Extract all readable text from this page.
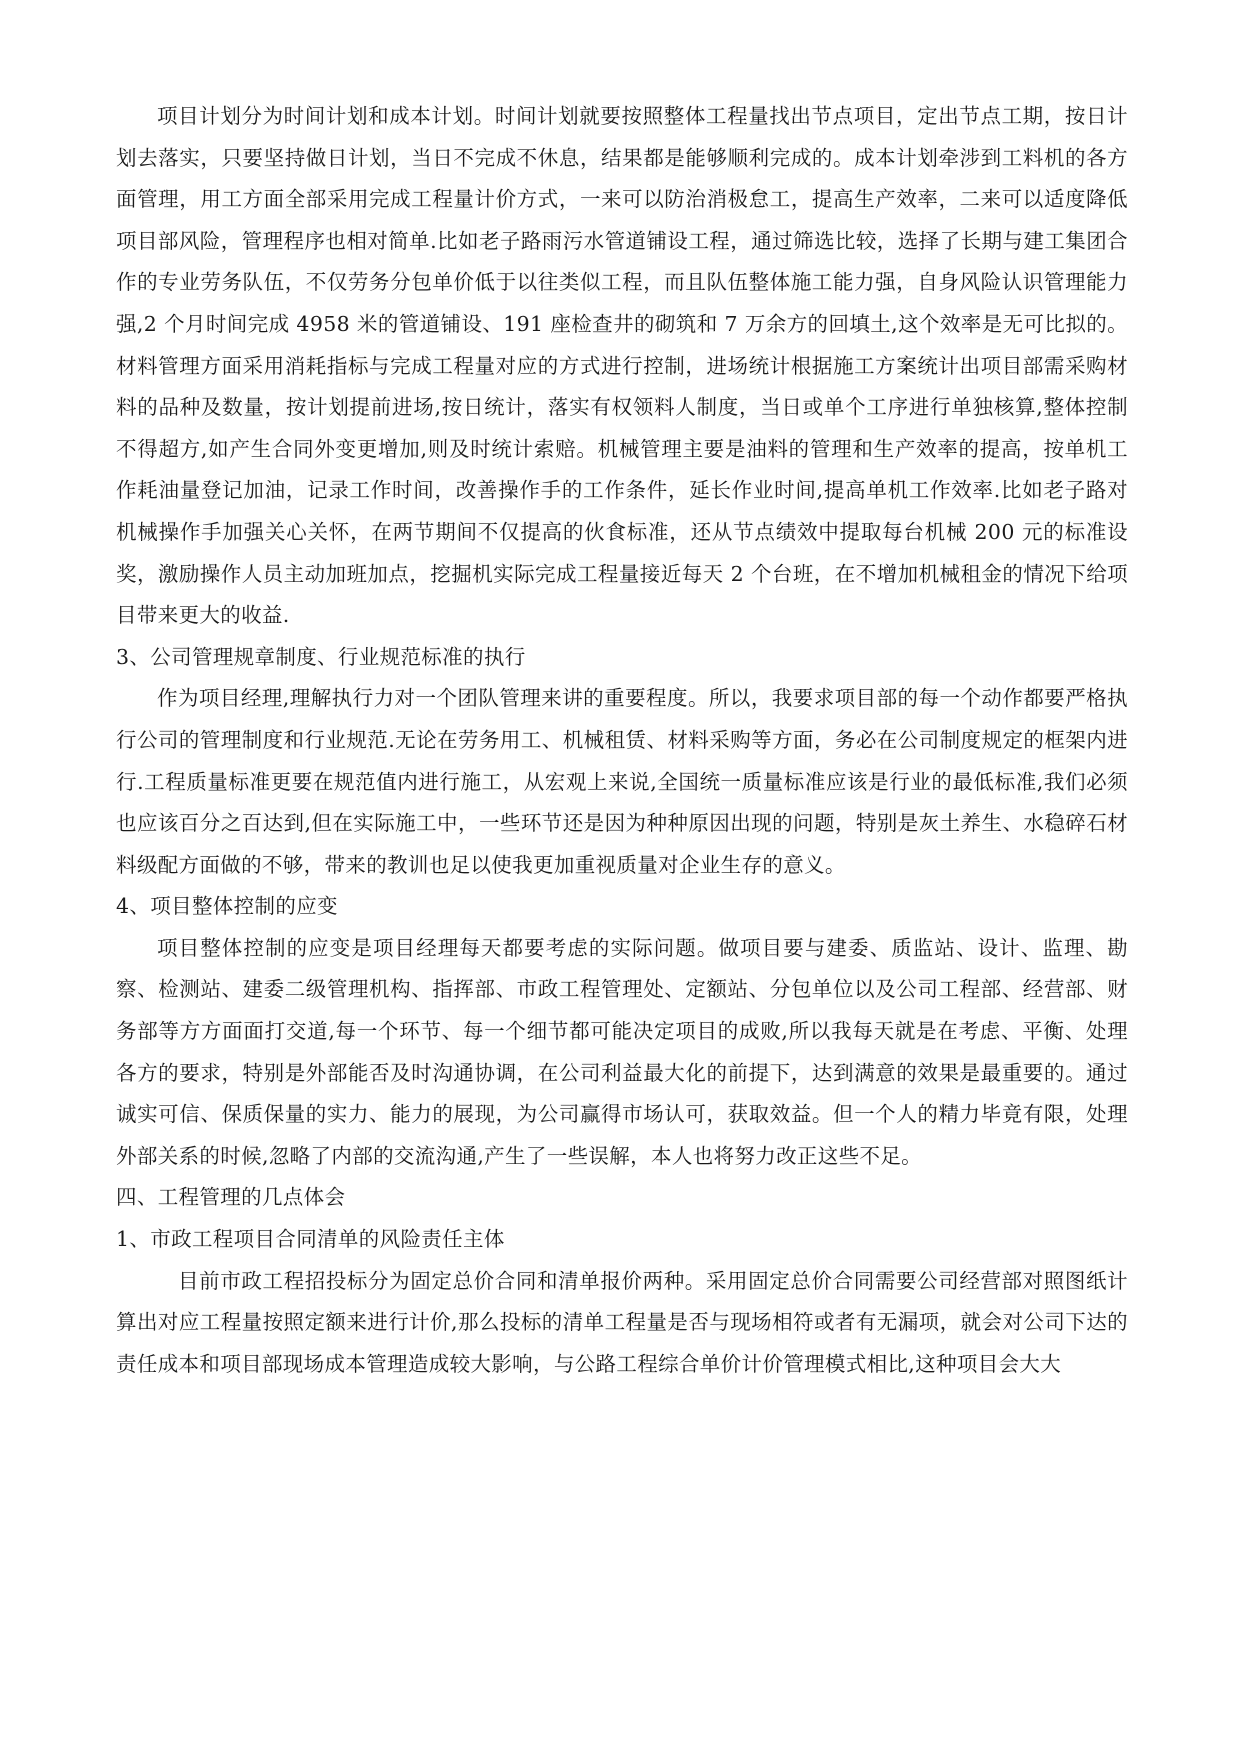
项目计划分为时间计划和成本计划。时间计划就要按照整体工程量找出节点项目，定出节点工期，按日计划去落实，只要坚持做日计划，当日不完成不休息，结果都是能够顺利完成的。成本计划牵涉到工料机的各方面管理，用工方面全部采用完成工程量计价方式，一来可以防治消极怠工，提高生产效率，二来可以适度降低项目部风险，管理程序也相对简单.比如老子路雨污水管道铺设工程，通过筛选比较，选择了长期与建工集团合作的专业劳务队伍，不仅劳务分包单价低于以往类似工程，而且队伍整体施工能力强，自身风险认识管理能力强,2 个月时间完成 4958 米的管道铺设、191 座检查井的砌筑和 7 万余方的回填土,这个效率是无可比拟的。材料管理方面采用消耗指标与完成工程量对应的方式进行控制，进场统计根据施工方案统计出项目部需采购材料的品种及数量，按计划提前进场,按日统计，落实有权领料人制度，当日或单个工序进行单独核算,整体控制不得超方,如产生合同外变更增加,则及时统计索赔。机械管理主要是油料的管理和生产效率的提高，按单机工作耗油量登记加油，记录工作时间，改善操作手的工作条件，延长作业时间,提高单机工作效率.比如老子路对机械操作手加强关心关怀，在两节期间不仅提高的伙食标准，还从节点绩效中提取每台机械 200 元的标准设奖，激励操作人员主动加班加点，挖掘机实际完成工程量接近每天 2 个台班，在不增加机械租金的情况下给项目带来更大的收益.

3、公司管理规章制度、行业规范标准的执行

作为项目经理,理解执行力对一个团队管理来讲的重要程度。所以，我要求项目部的每一个动作都要严格执行公司的管理制度和行业规范.无论在劳务用工、机械租赁、材料采购等方面，务必在公司制度规定的框架内进行.工程质量标准更要在规范值内进行施工，从宏观上来说,全国统一质量标准应该是行业的最低标准,我们必须也应该百分之百达到,但在实际施工中，一些环节还是因为种种原因出现的问题，特别是灰土养生、水稳碎石材料级配方面做的不够，带来的教训也足以使我更加重视质量对企业生存的意义。

4、项目整体控制的应变

项目整体控制的应变是项目经理每天都要考虑的实际问题。做项目要与建委、质监站、设计、监理、勘察、检测站、建委二级管理机构、指挥部、市政工程管理处、定额站、分包单位以及公司工程部、经营部、财务部等方方面面打交道,每一个环节、每一个细节都可能决定项目的成败,所以我每天就是在考虑、平衡、处理各方的要求，特别是外部能否及时沟通协调，在公司利益最大化的前提下，达到满意的效果是最重要的。通过诚实可信、保质保量的实力、能力的展现，为公司赢得市场认可，获取效益。但一个人的精力毕竟有限，处理外部关系的时候,忽略了内部的交流沟通,产生了一些误解，本人也将努力改正这些不足。

四、工程管理的几点体会

1、市政工程项目合同清单的风险责任主体

目前市政工程招投标分为固定总价合同和清单报价两种。采用固定总价合同需要公司经营部对照图纸计算出对应工程量按照定额来进行计价,那么投标的清单工程量是否与现场相符或者有无漏项，就会对公司下达的责任成本和项目部现场成本管理造成较大影响，与公路工程综合单价计价管理模式相比,这种项目会大大
